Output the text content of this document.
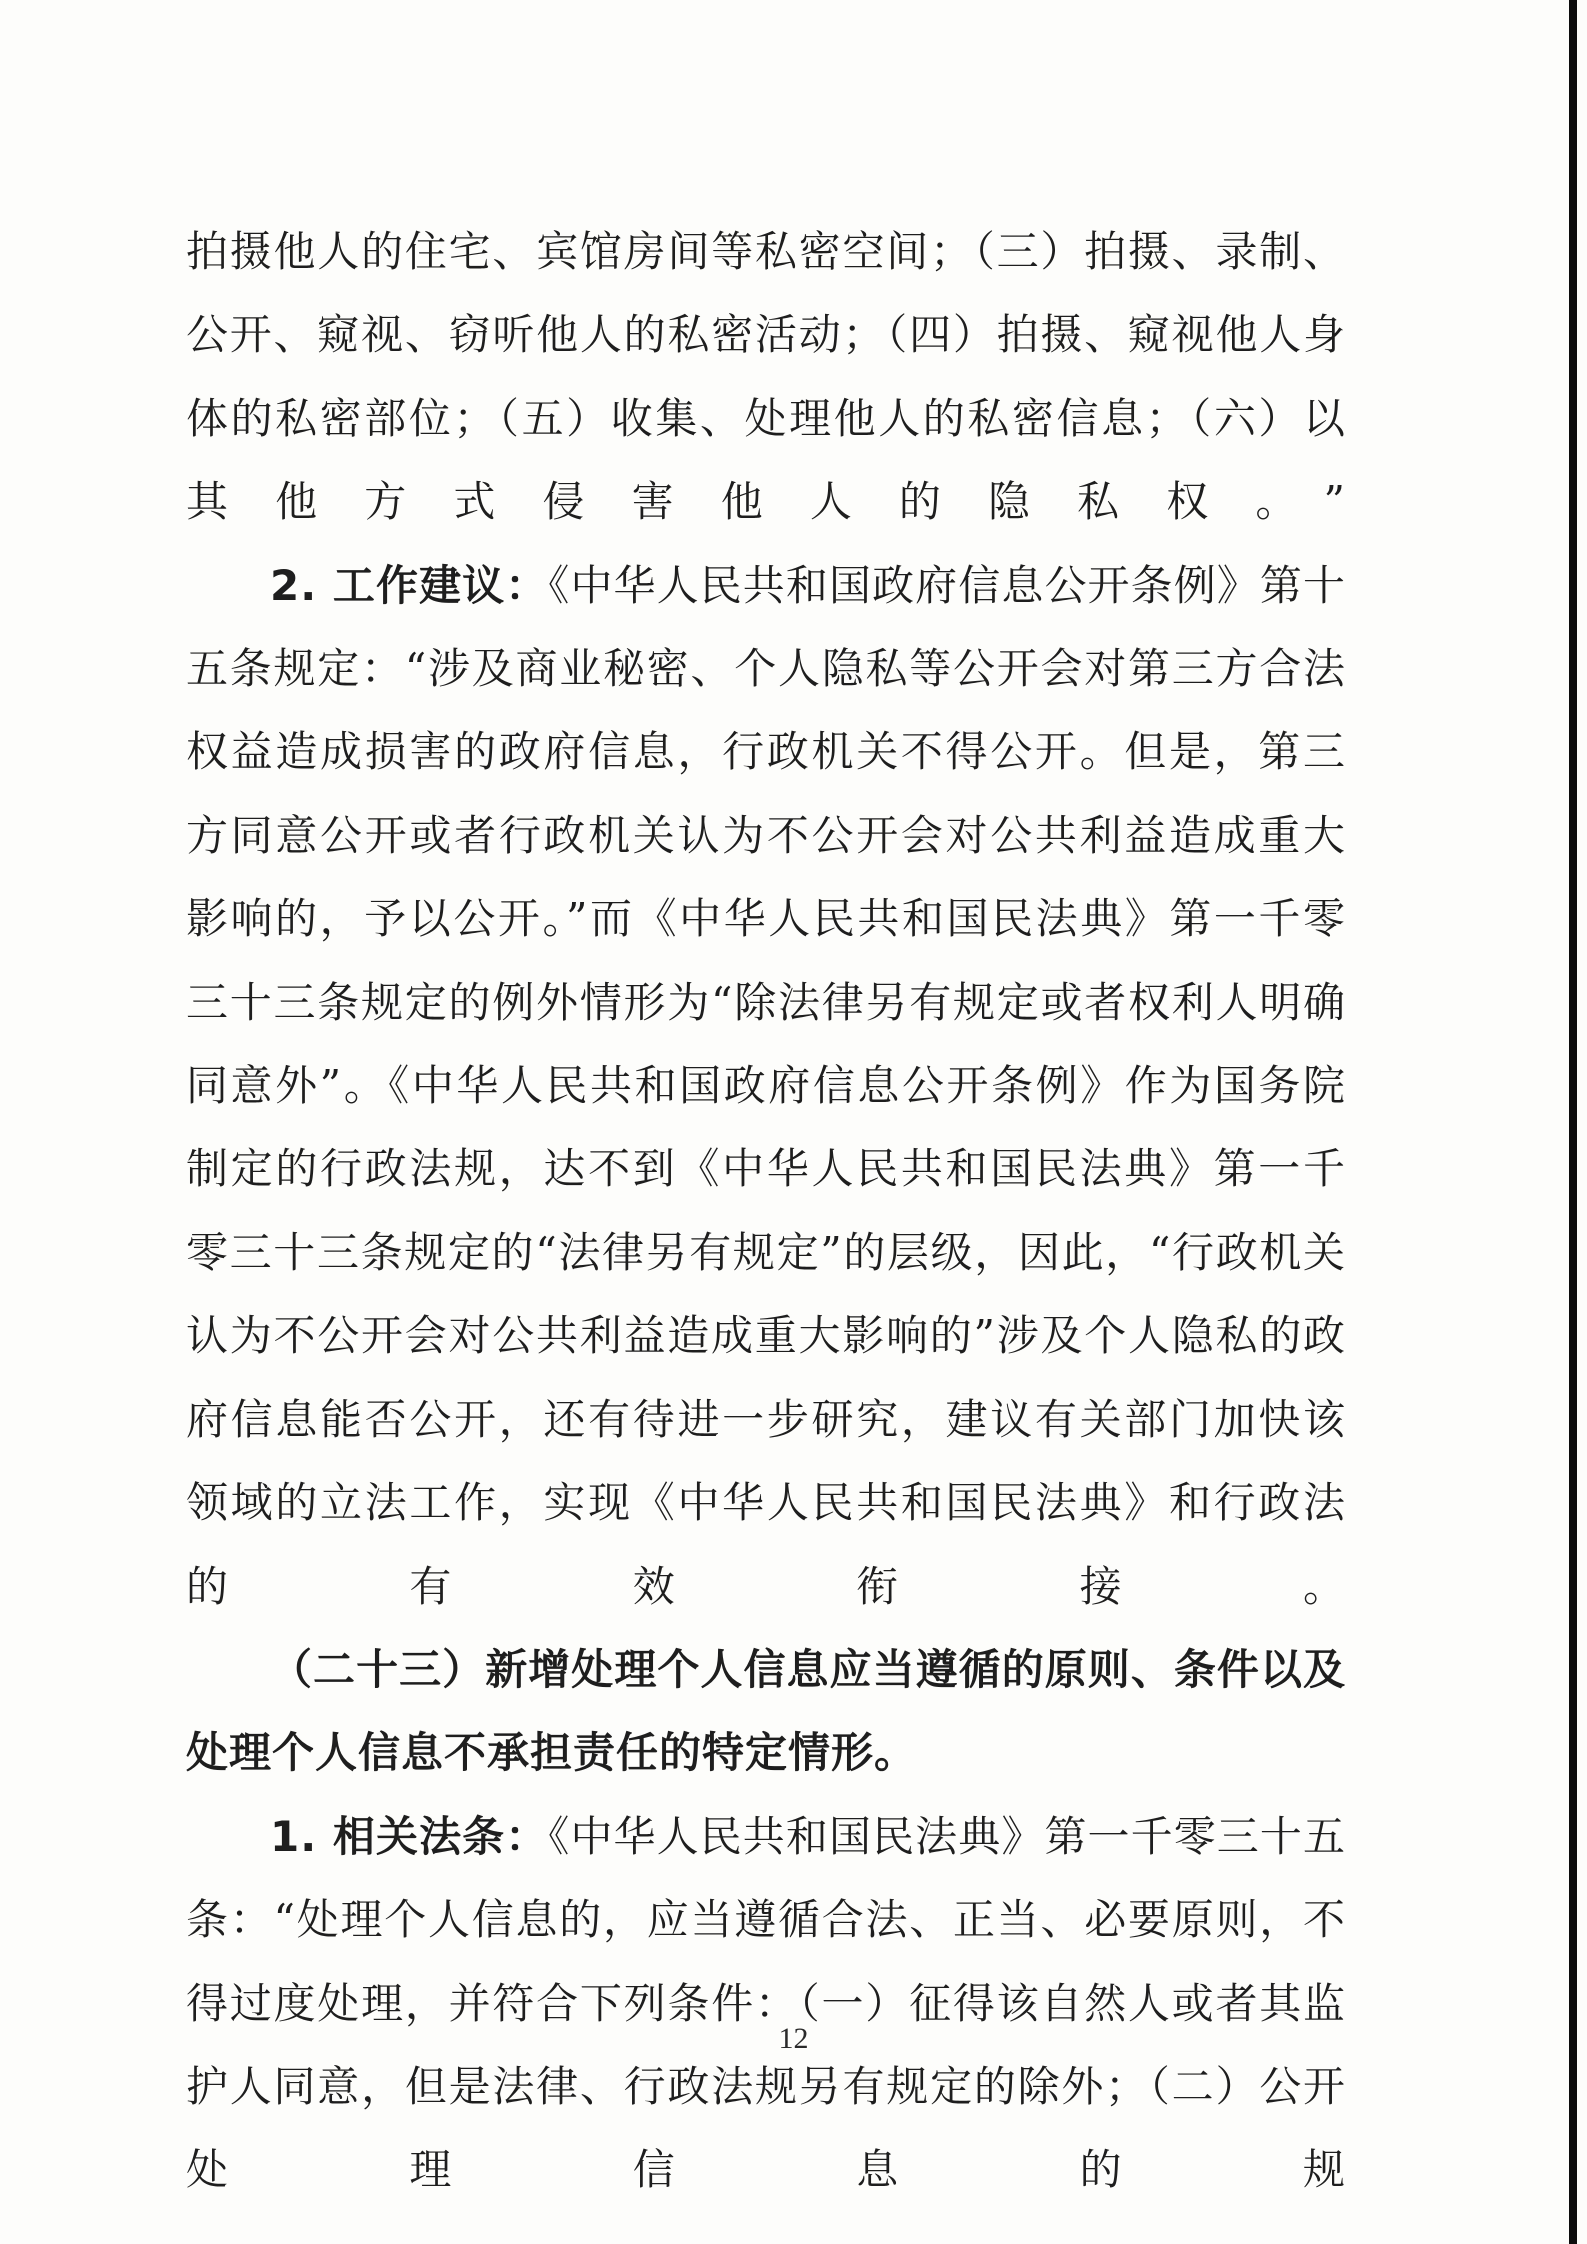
拍摄他人的住宅、宾馆房间等私密空间；（三）拍摄、录制、公开、窥视、窃听他人的私密活动；（四）拍摄、窥视他人身体的私密部位；（五）收集、处理他人的私密信息；（六）以其他方式侵害他人的隐私权。”

2. 工作建议：《中华人民共和国政府信息公开条例》第十五条规定：“涉及商业秘密、个人隐私等公开会对第三方合法权益造成损害的政府信息，行政机关不得公开。但是，第三方同意公开或者行政机关认为不公开会对公共利益造成重大影响的，予以公开。”而《中华人民共和国民法典》第一千零三十三条规定的例外情形为“除法律另有规定或者权利人明确同意外”。《中华人民共和国政府信息公开条例》作为国务院制定的行政法规，达不到《中华人民共和国民法典》第一千零三十三条规定的“法律另有规定”的层级，因此，“行政机关认为不公开会对公共利益造成重大影响的”涉及个人隐私的政府信息能否公开，还有待进一步研究，建议有关部门加快该领域的立法工作，实现《中华人民共和国民法典》和行政法的有效衔接。

（二十三）新增处理个人信息应当遵循的原则、条件以及处理个人信息不承担责任的特定情形。

1. 相关法条：《中华人民共和国民法典》第一千零三十五条：“处理个人信息的，应当遵循合法、正当、必要原则，不得过度处理，并符合下列条件：（一）征得该自然人或者其监护人同意，但是法律、行政法规另有规定的除外；（二）公开处理信息的规

12
